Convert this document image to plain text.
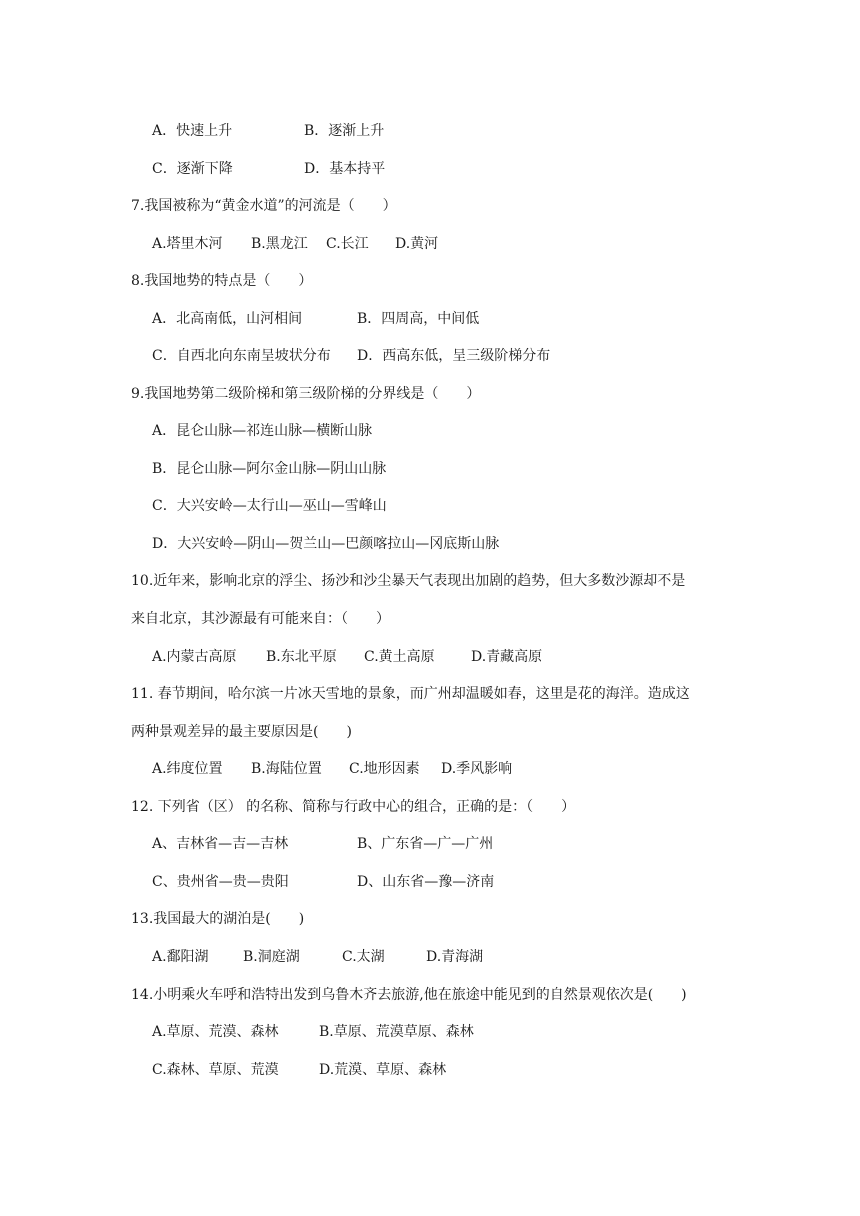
A．快速上升	B．逐渐上升
C．逐渐下降	D．基本持平
7.我国被称为“黄金水道”的河流是（　　）
A.塔里木河 B.黑龙江 C.长江 D.黄河
8.我国地势的特点是（　　）
A．北高南低，山河相间	B．四周高，中间低
C．自西北向东南呈坡状分布 D．西高东低，呈三级阶梯分布
9.我国地势第二级阶梯和第三级阶梯的分界线是（　　）
A．昆仑山脉—祁连山脉—横断山脉
B．昆仑山脉—阿尔金山脉—阴山山脉
C．大兴安岭—太行山—巫山—雪峰山
D．大兴安岭—阴山—贺兰山—巴颜喀拉山—冈底斯山脉
10.近年来，影响北京的浮尘、扬沙和沙尘暴天气表现出加剧的趋势，但大多数沙源却不是
来自北京，其沙源最有可能来自：（　　）
A.内蒙古高原 B.东北平原 C.黄土高原	D.青藏高原
11. 春节期间，哈尔滨一片冰天雪地的景象，而广州却温暖如春，这里是花的海洋。造成这
两种景观差异的最主要原因是(　　)
A.纬度位置 B.海陆位置 C.地形因素 D.季风影响
12. 下列省（区） 的名称、简称与行政中心的组合，正确的是：（　　）
A、吉林省—吉—吉林	B、广东省—广—广州
C、贵州省—贵—贵阳	D、山东省—豫—济南
13.我国最大的湖泊是(　　)
A.鄱阳湖 B.洞庭湖	C.太湖	D.青海湖
14.小明乘火车呼和浩特出发到乌鲁木齐去旅游,他在旅途中能见到的自然景观依次是(　　)
A.草原、荒漠、森林	B.草原、荒漠草原、森林
C.森林、草原、荒漠	D.荒漠、草原、森林
